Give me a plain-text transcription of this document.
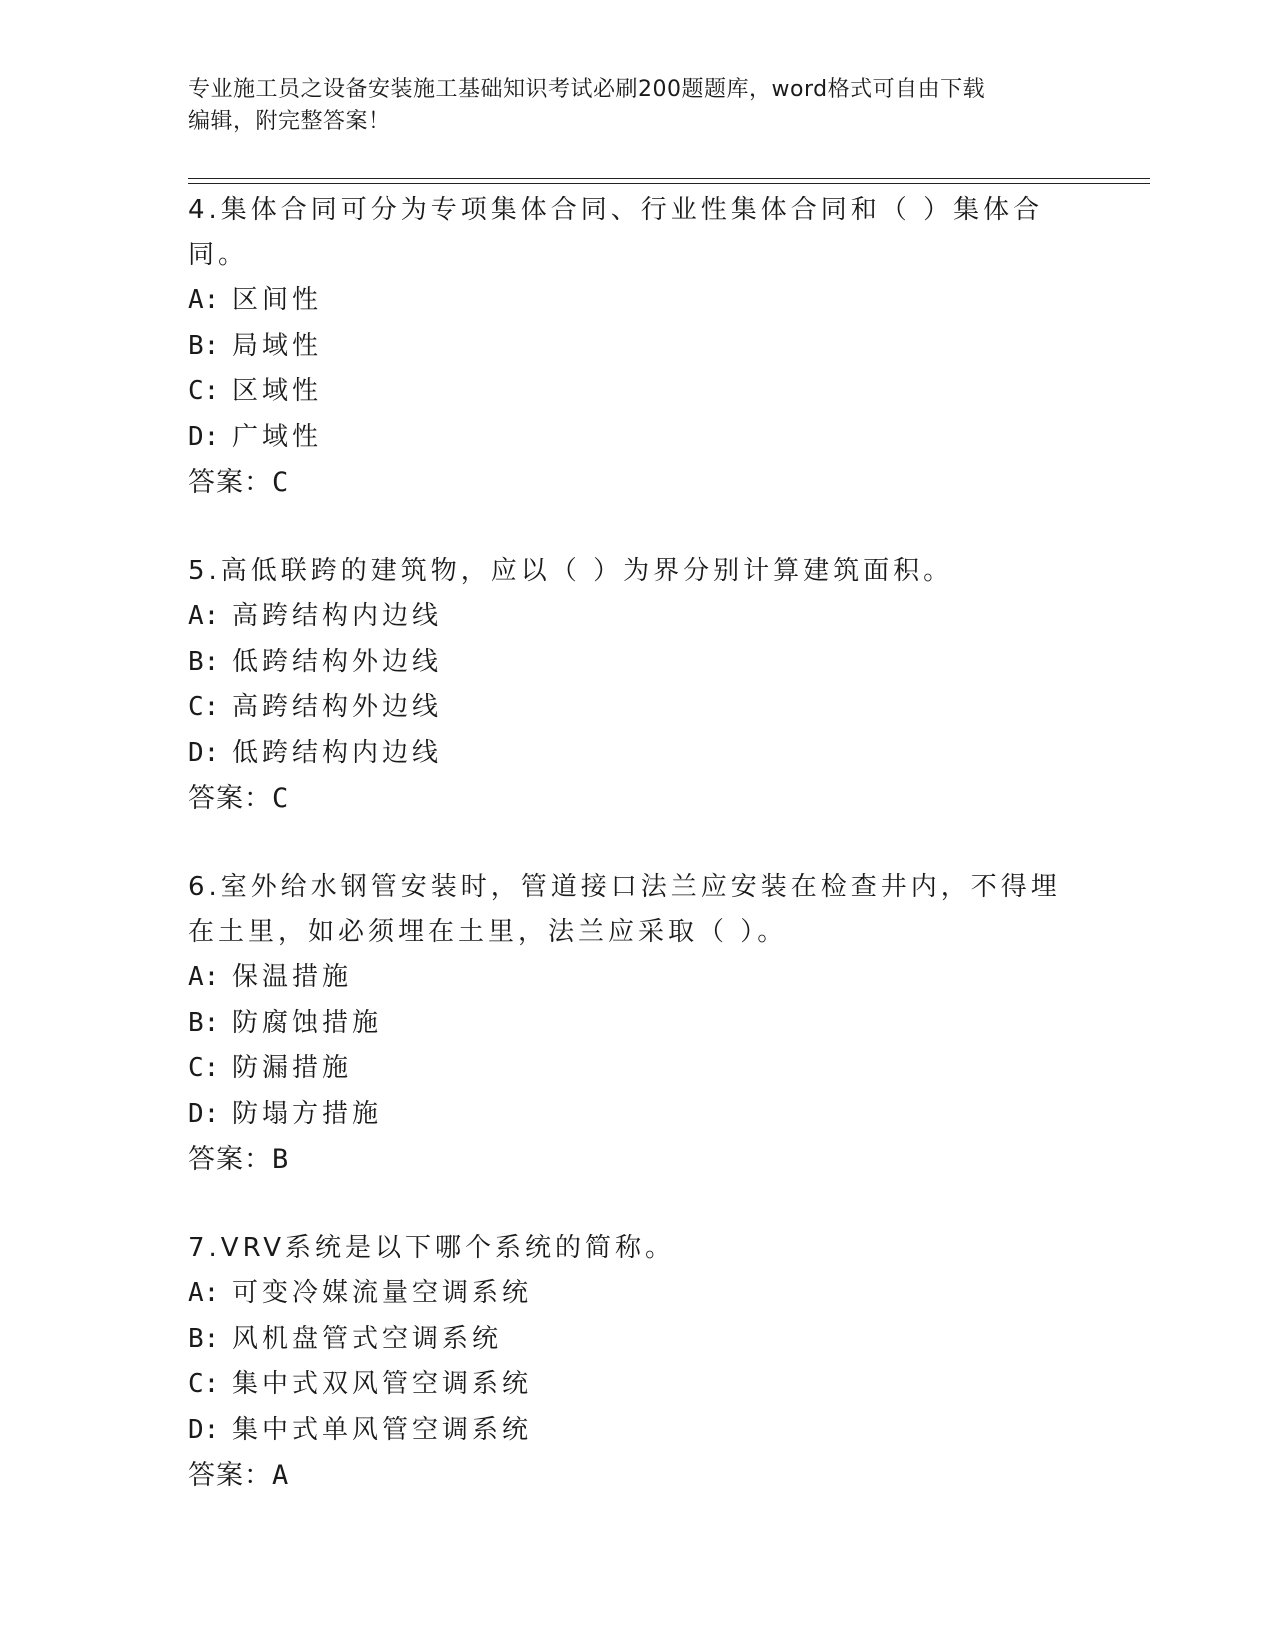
专业施工员之设备安装施工基础知识考试必刷200题题库，word格式可自由下载
编辑，附完整答案！

4.集体合同可分为专项集体合同、行业性集体合同和（ ）集体合同。

A: 区间性

B: 局域性

C: 区域性

D: 广域性

答案：C

5.高低联跨的建筑物，应以（ ）为界分别计算建筑面积。

A: 高跨结构内边线

B: 低跨结构外边线

C: 高跨结构外边线

D: 低跨结构内边线

答案：C

6.室外给水钢管安装时，管道接口法兰应安装在检查井内，不得埋在土里，如必须埋在土里，法兰应采取（ ）。

A: 保温措施

B: 防腐蚀措施

C: 防漏措施

D: 防塌方措施

答案：B

7.VRV系统是以下哪个系统的简称。

A: 可变冷媒流量空调系统

B: 风机盘管式空调系统

C: 集中式双风管空调系统

D: 集中式单风管空调系统

答案：A
